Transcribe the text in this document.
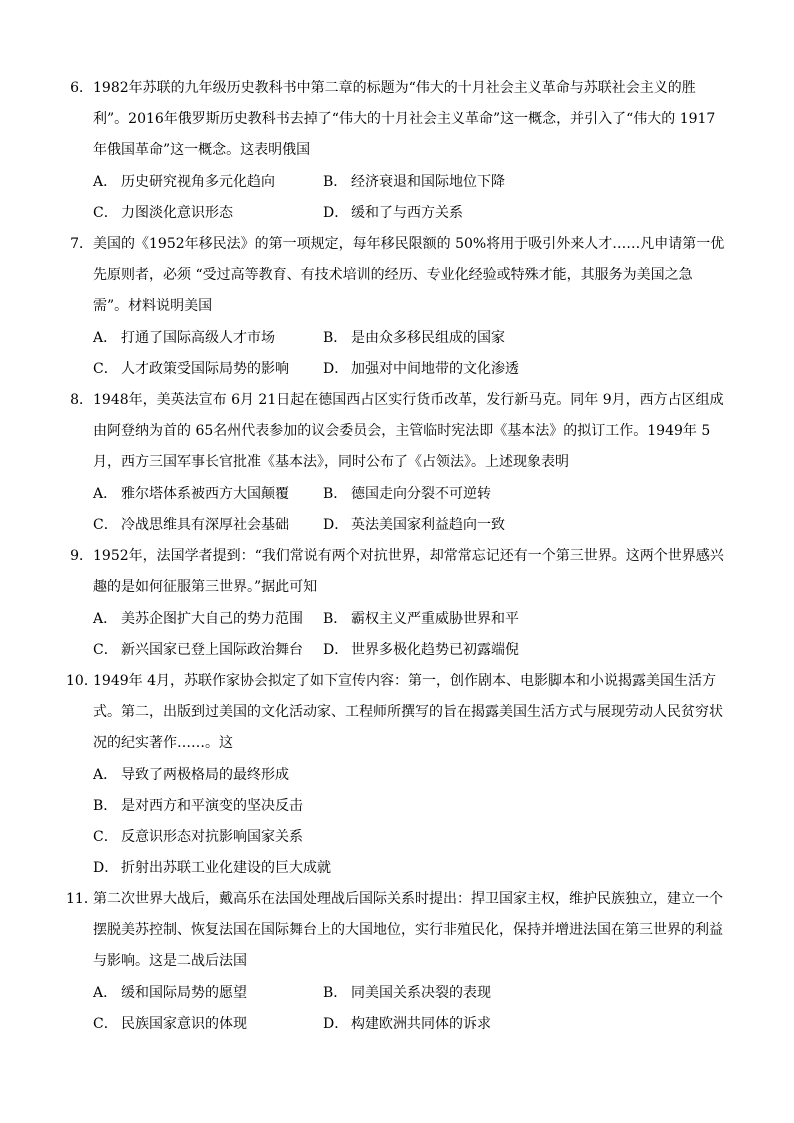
6． 1982年苏联的九年级历史教科书中第二章的标题为“伟大的十月社会主义革命与苏联社会主义的胜
利”。2016年俄罗斯历史教科书去掉了“伟大的十月社会主义革命”这一概念，并引入了“伟大的 1917
年俄国革命”这一概念。这表明俄国
A． 历史研究视角多元化趋向	B． 经济衰退和国际地位下降
C． 力图淡化意识形态	D． 缓和了与西方关系
7． 美国的《1952年移民法》的第一项规定，每年移民限额的 50%将用于吸引外来人才……凡申请第一优
先原则者，必须 “受过高等教育、有技术培训的经历、专业化经验或特殊才能，其服务为美国之急
需”。材料说明美国
A． 打通了国际高级人才市场	B． 是由众多移民组成的国家
C． 人才政策受国际局势的影响 D． 加强对中间地带的文化渗透
8． 1948年，美英法宣布 6月 21日起在德国西占区实行货币改革，发行新马克。同年 9月，西方占区组成
由阿登纳为首的 65名州代表参加的议会委员会，主管临时宪法即《基本法》的拟订工作。1949年 5
月，西方三国军事长官批准《基本法》，同时公布了《占领法》。上述现象表明
A． 雅尔塔体系被西方大国颠覆 B． 德国走向分裂不可逆转
C． 冷战思维具有深厚社会基础 D． 英法美国家利益趋向一致
9． 1952年，法国学者提到：“我们常说有两个对抗世界，却常常忘记还有一个第三世界。这两个世界感兴
趣的是如何征服第三世界。”据此可知
A． 美苏企图扩大自己的势力范围 B． 霸权主义严重威胁世界和平
C． 新兴国家已登上国际政治舞台 D． 世界多极化趋势已初露端倪
10．
1949年 4月，苏联作家协会拟定了如下宣传内容：第一，创作剧本、电影脚本和小说揭露美国生活方
式。第二，出版到过美国的文化活动家、工程师所撰写的旨在揭露美国生活方式与展现劳动人民贫穷状
况的纪实著作……。这
A． 导致了两极格局的最终形成
B． 是对西方和平演变的坚决反击
C． 反意识形态对抗影响国家关系
D． 折射出苏联工业化建设的巨大成就
11．
第二次世界大战后，戴高乐在法国处理战后国际关系时提出：捍卫国家主权，维护民族独立，建立一个
摆脱美苏控制、恢复法国在国际舞台上的大国地位，实行非殖民化，保持并增进法国在第三世界的利益
与影响。这是二战后法国
A． 缓和国际局势的愿望	B． 同美国关系决裂的表现
C． 民族国家意识的体现	D． 构建欧洲共同体的诉求
